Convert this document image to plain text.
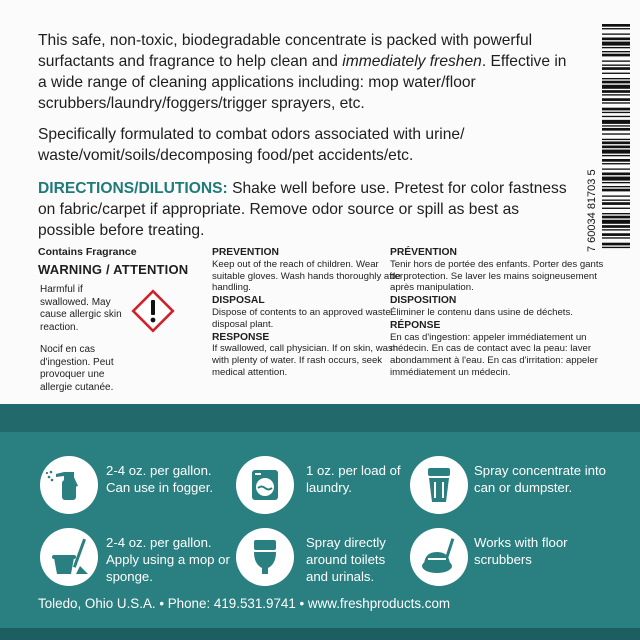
This safe, non-toxic, biodegradable concentrate is packed with powerful surfactants and fragrance to help clean and immediately freshen. Effective in a wide range of cleaning applications including: mop water/floor scrubbers/laundry/foggers/trigger sprayers, etc.

Specifically formulated to combat odors associated with urine/ waste/vomit/soils/decomposing food/pet accidents/etc.

DIRECTIONS/DILUTIONS: Shake well before use. Pretest for color fastness on fabric/carpet if appropriate. Remove odor source or spill as best as possible before treating.	7 60034 81703 5

Contains Fragrance

WARNING / ATTENTION

Harmful if swallowed. May cause allergic skin reaction.

Nocif en cas d'ingestion. Peut provoquer une allergie cutanée.

PREVENTION

Keep out of the reach of children. Wear suitable gloves. Wash hands thoroughly after handling.

DISPOSAL

Dispose of contents to an approved waste disposal plant.

RESPONSE

If swallowed, call physician. If on skin, wash with plenty of water. If rash occurs, seek medical attention.

PRÉVENTION

Tenir hors de portée des enfants. Porter des gants de protection. Se laver les mains soigneusement après manipulation.

DISPOSITION

Éliminer le contenu dans usine de déchets.

RÉPONSE

En cas d'ingestion: appeler immédiatement un médecin. En cas de contact avec la peau: laver abondamment à l'eau. En cas d'irritation: appeler immédiatement un médecin.

2-4 oz. per gallon. Can use in fogger.

1 oz. per load of laundry.

Spray concentrate into can or dumpster.

2-4 oz. per gallon. Apply using a mop or sponge.

Spray directly around toilets and urinals.

Works with floor scrubbers

Toledo, Ohio U.S.A. • Phone: 419.531.9741 • www.freshproducts.com
